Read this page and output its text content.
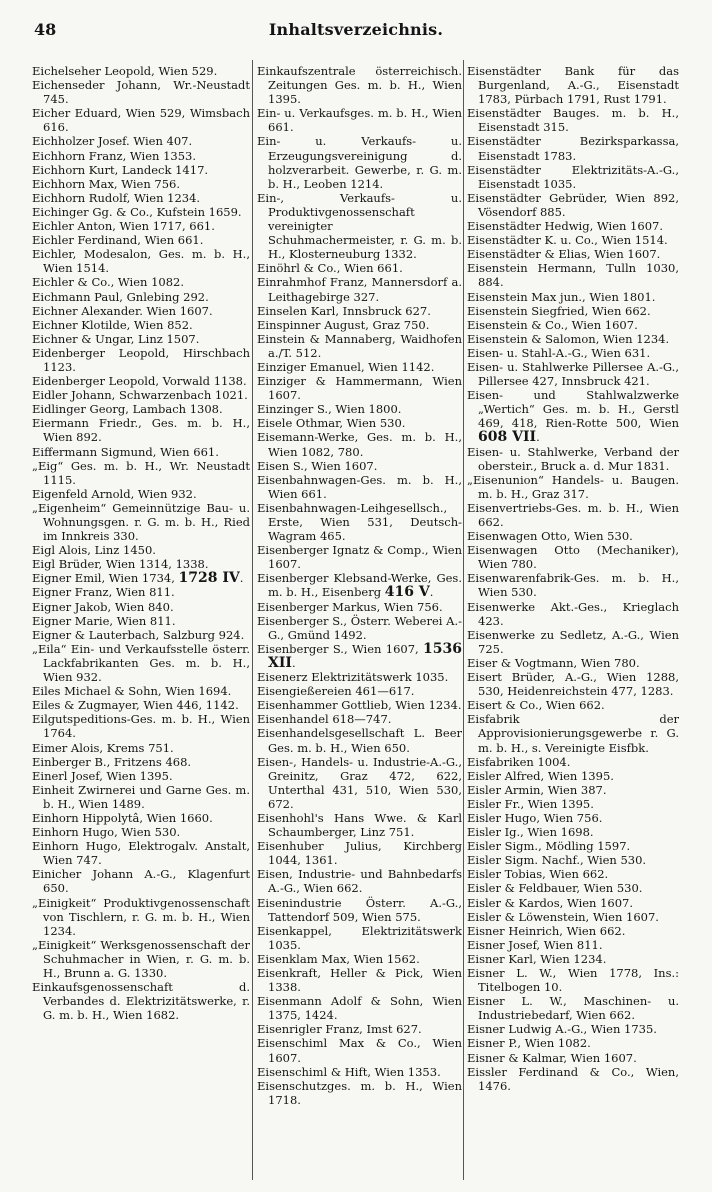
48	Inhaltsverzeichnis.

Eichelseher Leopold, Wien 529.

Eichenseder Johann, Wr.-Neustadt 745.

Eicher Eduard, Wien 529, Wimsbach 616.

Eichholzer Josef. Wien 407.

Eichhorn Franz, Wien 1353.

Eichhorn Kurt, Landeck 1417.

Eichhorn Max, Wien 756.

Eichhorn Rudolf, Wien 1234.

Eichinger Gg. & Co., Kufstein 1659.

Eichler Anton, Wien 1717, 661.

Eichler Ferdinand, Wien 661.

Eichler, Modesalon, Ges. m. b. H., Wien 1514.

Eichler & Co., Wien 1082.

Eichmann Paul, Gnlebing 292.

Eichner Alexander. Wien 1607.

Eichner Klotilde, Wien 852.

Eichner & Ungar, Linz 1507.

Eidenberger Leopold, Hirschbach 1123.

Eidenberger Leopold, Vorwald 1138.

Eidler Johann, Schwarzenbach 1021.

Eidlinger Georg, Lambach 1308.

Eiermann Friedr., Ges. m. b. H., Wien 892.

Eiffermann Sigmund, Wien 661.

„Eig“ Ges. m. b. H., Wr. Neustadt 1115.

Eigenfeld Arnold, Wien 932.

„Eigenheim“ Gemeinnützige Bau- u. Wohnungsgen. r. G. m. b. H., Ried im Innkreis 330.

Eigl Alois, Linz 1450.

Eigl Brüder, Wien 1314, 1338.

Eigner Emil, Wien 1734, 1728 IV.

Eigner Franz, Wien 811.

Eigner Jakob, Wien 840.

Eigner Marie, Wien 811.

Eigner & Lauterbach, Salzburg 924.

„Eila“ Ein- und Verkaufsstelle österr. Lackfabrikanten Ges. m. b. H., Wien 932.

Eiles Michael & Sohn, Wien 1694.

Eiles & Zugmayer, Wien 446, 1142.

Eilgutspeditions-Ges. m. b. H., Wien 1764.

Eimer Alois, Krems 751.

Einberger B., Fritzens 468.

Einerl Josef, Wien 1395.

Einheit Zwirnerei und Garne Ges. m. b. H., Wien 1489.

Einhorn Hippolytâ, Wien 1660.

Einhorn Hugo, Wien 530.

Einhorn Hugo, Elektrogalv. Anstalt, Wien 747.

Einicher Johann A.-G., Klagenfurt 650.

„Einigkeit“ Produktivgenossenschaft von Tischlern, r. G. m. b. H., Wien 1234.

„Einigkeit“ Werksgenossenschaft der Schuhmacher in Wien, r. G. m. b. H., Brunn a. G. 1330.

Einkaufsgenossenschaft d. Verbandes d. Elektrizitätswerke, r. G. m. b. H., Wien 1682.

Einkaufszentrale österreichisch. Zeitungen Ges. m. b. H., Wien 1395.

Ein- u. Verkaufsges. m. b. H., Wien 661.

Ein- u. Verkaufs- u. Erzeugungsvereinigung d. holzverarbeit. Gewerbe, r. G. m. b. H., Leoben 1214.

Ein-, Verkaufs- u. Produktivgenossenschaft vereinigter Schuhmachermeister, r. G. m. b. H., Klosterneuburg 1332.

Einöhrl & Co., Wien 661.

Einrahmhof Franz, Mannersdorf a. Leithagebirge 327.

Einselen Karl, Innsbruck 627.

Einspinner August, Graz 750.

Einstein & Mannaberg, Waidhofen a./T. 512.

Einziger Emanuel, Wien 1142.

Einziger & Hammermann, Wien 1607.

Einzinger S., Wien 1800.

Eisele Othmar, Wien 530.

Eisemann-Werke, Ges. m. b. H., Wien 1082, 780.

Eisen S., Wien 1607.

Eisenbahnwagen-Ges. m. b. H., Wien 661.

Eisenbahnwagen-Leihgesellsch., Erste, Wien 531, Deutsch-Wagram 465.

Eisenberger Ignatz & Comp., Wien 1607.

Eisenberger Klebsand-Werke, Ges. m. b. H., Eisenberg 416 V.

Eisenberger Markus, Wien 756.

Eisenberger S., Österr. Weberei A.-G., Gmünd 1492.

Eisenberger S., Wien 1607, 1536 XII.

Eisenerz Elektrizitätswerk 1035.

Eisengießereien 461—617.

Eisenhammer Gottlieb, Wien 1234.

Eisenhandel 618—747.

Eisenhandelsgesellschaft L. Beer Ges. m. b. H., Wien 650.

Eisen-, Handels- u. Industrie-A.-G., Greinitz, Graz 472, 622, Unterthal 431, 510, Wien 530, 672.

Eisenhohl's Hans Wwe. & Karl Schaumberger, Linz 751.

Eisenhuber Julius, Kirchberg 1044, 1361.

Eisen, Industrie- und Bahnbedarfs A.-G., Wien 662.

Eisenindustrie Österr. A.-G., Tattendorf 509, Wien 575.

Eisenkappel, Elektrizitätswerk 1035.

Eisenklam Max, Wien 1562.

Eisenkraft, Heller & Pick, Wien 1338.

Eisenmann Adolf & Sohn, Wien 1375, 1424.

Eisenrigler Franz, Imst 627.

Eisenschiml Max & Co., Wien 1607.

Eisenschiml & Hift, Wien 1353.

Eisenschutzges. m. b. H., Wien 1718.

Eisenstädter Bank für das Burgenland, A.-G., Eisenstadt 1783, Pürbach 1791, Rust 1791.

Eisenstädter Bauges. m. b. H., Eisenstadt 315.

Eisenstädter Bezirksparkassa, Eisenstadt 1783.

Eisenstädter Elektrizitäts-A.-G., Eisenstadt 1035.

Eisenstädter Gebrüder, Wien 892, Vösendorf 885.

Eisenstädter Hedwig, Wien 1607.

Eisenstädter K. u. Co., Wien 1514.

Eisenstädter & Elias, Wien 1607.

Eisenstein Hermann, Tulln 1030, 884.

Eisenstein Max jun., Wien 1801.

Eisenstein Siegfried, Wien 662.

Eisenstein & Co., Wien 1607.

Eisenstein & Salomon, Wien 1234.

Eisen- u. Stahl-A.-G., Wien 631.

Eisen- u. Stahlwerke Pillersee A.-G., Pillersee 427, Innsbruck 421.

Eisen- und Stahlwalzwerke „Wertich“ Ges. m. b. H., Gerstl 469, 418, Rien-Rotte 500, Wien 608 VII.

Eisen- u. Stahlwerke, Verband der obersteir., Bruck a. d. Mur 1831.

„Eisenunion“ Handels- u. Baugen. m. b. H., Graz 317.

Eisenvertriebs-Ges. m. b. H., Wien 662.

Eisenwagen Otto, Wien 530.

Eisenwagen Otto (Mechaniker), Wien 780.

Eisenwarenfabrik-Ges. m. b. H., Wien 530.

Eisenwerke Akt.-Ges., Krieglach 423.

Eisenwerke zu Sedletz, A.-G., Wien 725.

Eiser & Vogtmann, Wien 780.

Eisert Brüder, A.-G., Wien 1288, 530, Heidenreichstein 477, 1283.

Eisert & Co., Wien 662.

Eisfabrik der Approvisionierungsgewerbe r. G. m. b. H., s. Vereinigte Eisfbk.

Eisfabriken 1004.

Eisler Alfred, Wien 1395.

Eisler Armin, Wien 387.

Eisler Fr., Wien 1395.

Eisler Hugo, Wien 756.

Eisler Ig., Wien 1698.

Eisler Sigm., Mödling 1597.

Eisler Sigm. Nachf., Wien 530.

Eisler Tobias, Wien 662.

Eisler & Feldbauer, Wien 530.

Eisler & Kardos, Wien 1607.

Eisler & Löwenstein, Wien 1607.

Eisner Heinrich, Wien 662.

Eisner Josef, Wien 811.

Eisner Karl, Wien 1234.

Eisner L. W., Wien 1778, Ins.: Titelbogen 10.

Eisner L. W., Maschinen- u. Industriebedarf, Wien 662.

Eisner Ludwig A.-G., Wien 1735.

Eisner P., Wien 1082.

Eisner & Kalmar, Wien 1607.

Eissler Ferdinand & Co., Wien, 1476.
